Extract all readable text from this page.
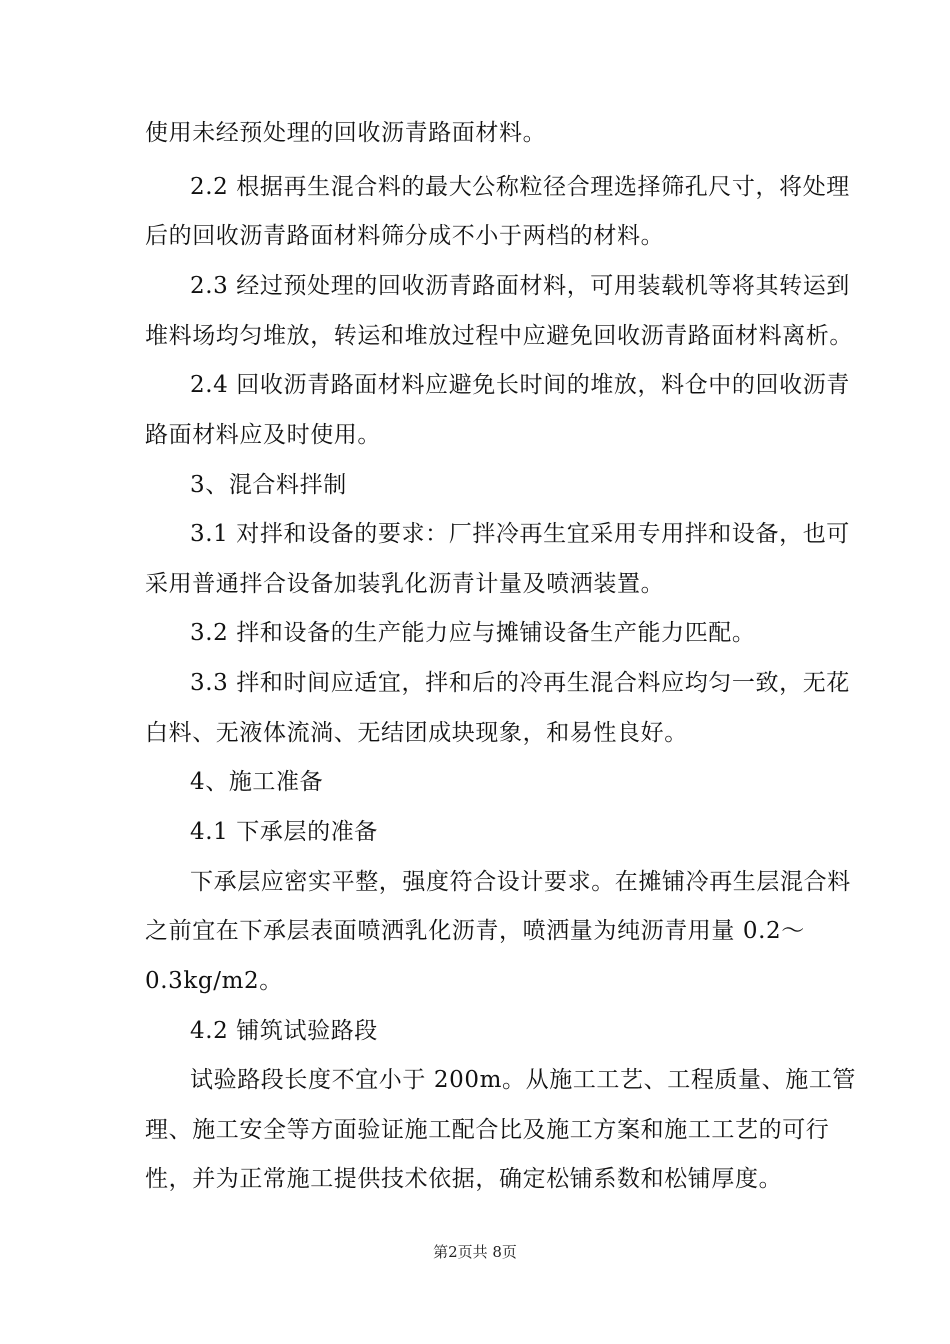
使用未经预处理的回收沥青路面材料。
2.2 根据再生混合料的最大公称粒径合理选择筛孔尺寸，将处理
后的回收沥青路面材料筛分成不小于两档的材料。
2.3 经过预处理的回收沥青路面材料，可用装载机等将其转运到
堆料场均匀堆放，转运和堆放过程中应避免回收沥青路面材料离析。
2.4 回收沥青路面材料应避免长时间的堆放，料仓中的回收沥青
路面材料应及时使用。
3、混合料拌制
3.1 对拌和设备的要求：厂拌冷再生宜采用专用拌和设备，也可
采用普通拌合设备加装乳化沥青计量及喷洒装置。
3.2 拌和设备的生产能力应与摊铺设备生产能力匹配。
3.3 拌和时间应适宜，拌和后的冷再生混合料应均匀一致，无花
白料、无液体流淌、无结团成块现象，和易性良好。
4、施工准备
4.1 下承层的准备
下承层应密实平整，强度符合设计要求。在摊铺冷再生层混合料
之前宜在下承层表面喷洒乳化沥青，喷洒量为纯沥青用量 0.2～
0.3kg/m2。
4.2 铺筑试验路段
试验路段长度不宜小于 200m。从施工工艺、工程质量、施工管
理、施工安全等方面验证施工配合比及施工方案和施工工艺的可行
性，并为正常施工提供技术依据，确定松铺系数和松铺厚度。
第2页共 8页
